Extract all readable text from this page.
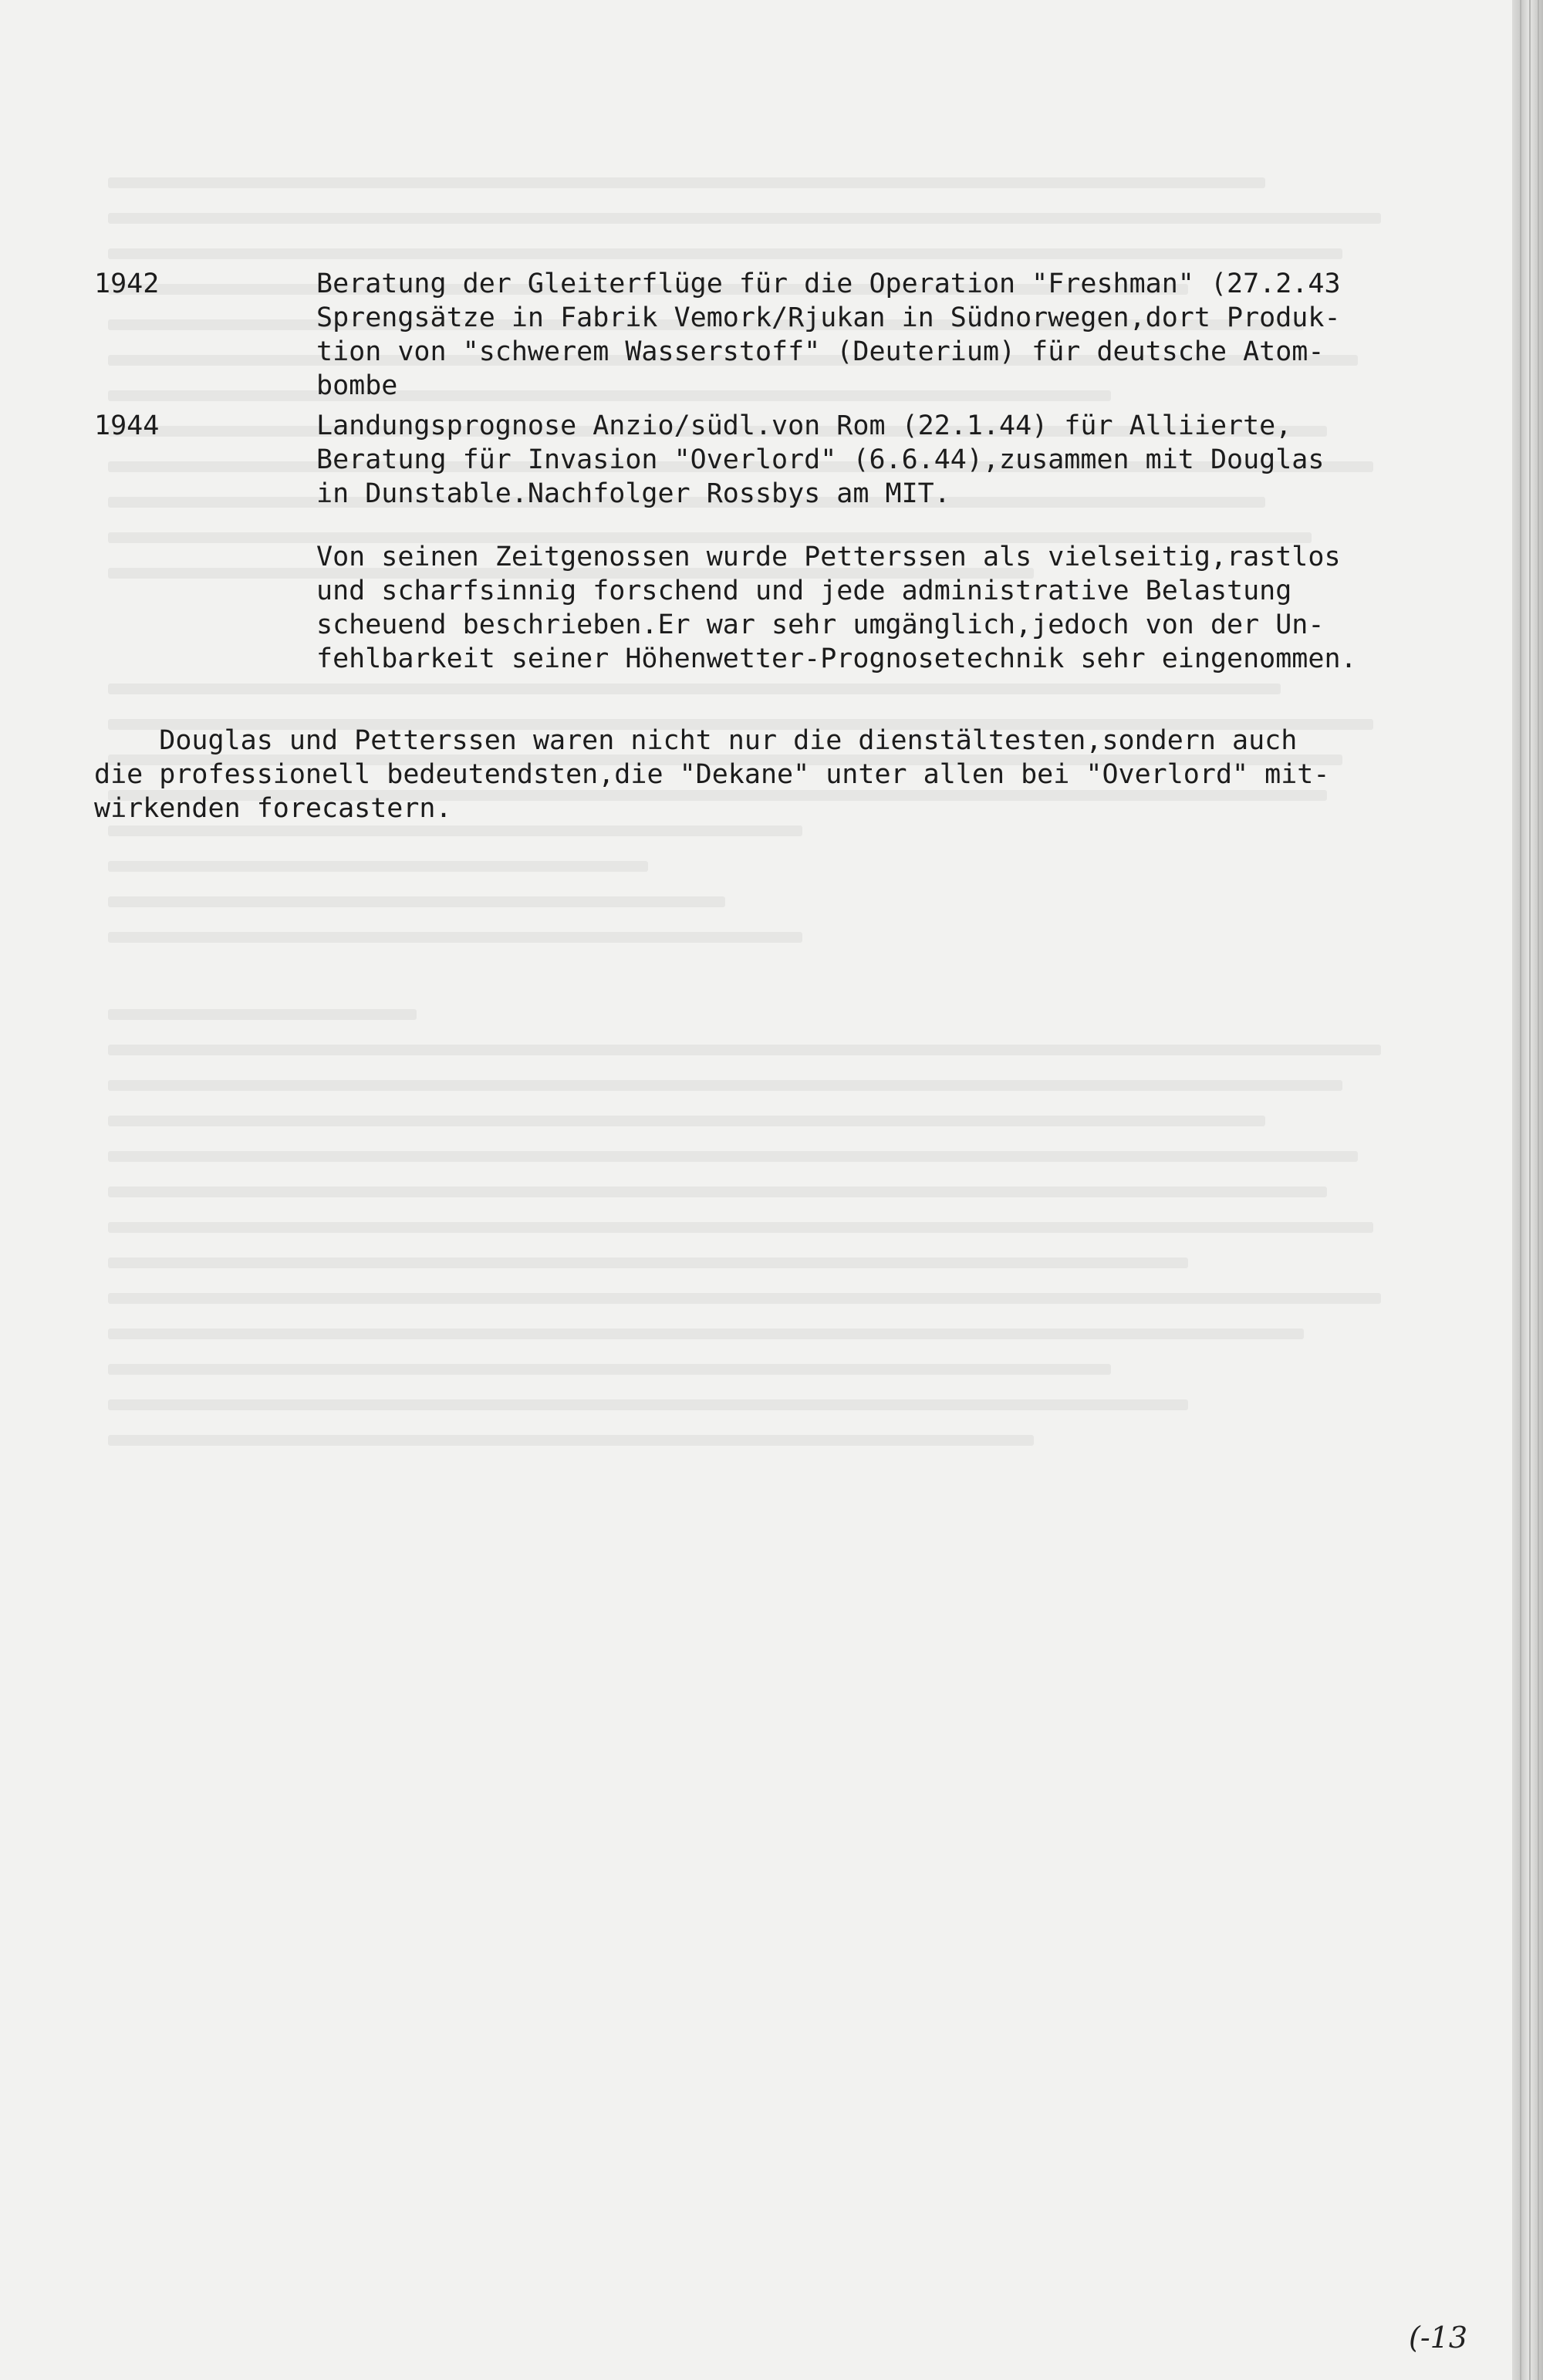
1942	Beratung der Gleiterflüge für die Operation "Freshman" (27.2.43
Sprengsätze in Fabrik Vemork/Rjukan in Südnorwegen,dort Produk-
tion von "schwerem Wasserstoff" (Deuterium) für deutsche Atom-
bombe
1944	Landungsprognose Anzio/südl.von Rom (22.1.44) für Alliierte,
Beratung für Invasion "Overlord" (6.6.44),zusammen mit Douglas
in Dunstable.Nachfolger Rossbys am MIT.
Von seinen Zeitgenossen wurde Petterssen als vielseitig,rastlos
und scharfsinnig forschend und jede administrative Belastung
scheuend beschrieben.Er war sehr umgänglich,jedoch von der Un-
fehlbarkeit seiner Höhenwetter-Prognosetechnik sehr eingenommen.
Douglas und Petterssen waren nicht nur die dienstältesten,sondern auch
die professionell bedeutendsten,die "Dekane" unter allen bei "Overlord" mit-
wirkenden forecastern.
(-13
